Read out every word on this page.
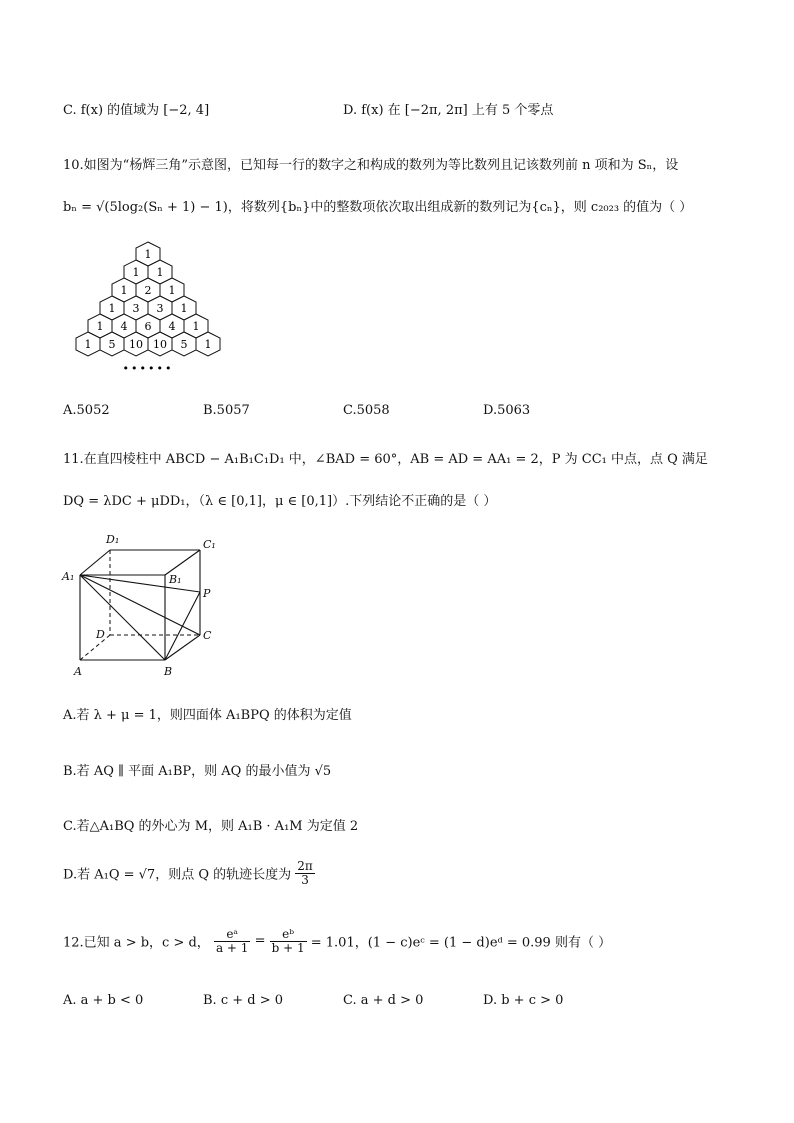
C. f(x) 的值域为 [−2, 4]	D. f(x) 在 [−2π, 2π] 上有 5 个零点
10.如图为“杨辉三角”示意图，已知每一行的数字之和构成的数列为等比数列且记该数列前 n 项和为 Sₙ，设
bₙ = √(5log₂(Sₙ + 1) − 1)，将数列{bₙ}中的整数项依次取出组成新的数列记为{cₙ}，则 c₂₀₂₃ 的值为（ ）
1
1 1
1 2 1
1 3 3 1
1 4 6 4 1
1 5 10 10 5 1
••••••
A.5052	B.5057	C.5058	D.5063
11.在直四棱柱中 ABCD − A₁B₁C₁D₁ 中，∠BAD = 60°，AB = AD = AA₁ = 2，P 为 CC₁ 中点，点 Q 满足
DQ = λDC + μDD₁，（λ ∈ [0,1]，μ ∈ [0,1]）.下列结论不正确的是（ ）
D₁	C₁
A₁	B₁
P
D	C
A	B
A.若 λ + μ = 1，则四面体 A₁BPQ 的体积为定值
B.若 AQ ∥ 平面 A₁BP，则 AQ 的最小值为 √5
C.若△A₁BQ 的外心为 M，则 A₁B · A₁M 为定值 2
D.若 A₁Q = √7，则点 Q 的轨迹长度为 $\frac{2\pi}{3}$
12.已知 a > b，c > d， $\frac{\text{eᵃ}}{a + 1} = \frac{\text{eᵇ}}{b + 1} = 1.01$，(1 − c)eᶜ = (1 − d)eᵈ = 0.99 则有（ ）
A. a + b < 0	B. c + d > 0	C. a + d > 0	D. b + c > 0
